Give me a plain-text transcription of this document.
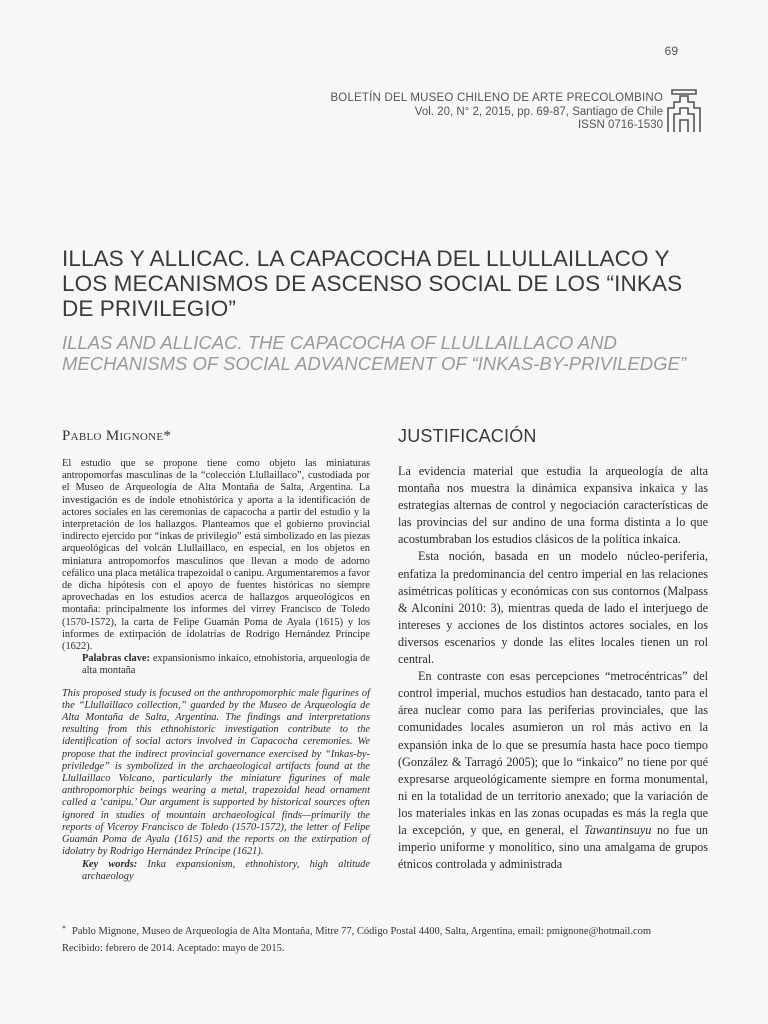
69
BOLETÍN DEL MUSEO CHILENO DE ARTE PRECOLOMBINO
Vol. 20, N° 2, 2015, pp. 69-87, Santiago de Chile
ISSN 0716-1530
ILLAS Y ALLICAC. LA CAPACOCHA DEL LLULLAILLACO Y LOS MECANISMOS DE ASCENSO SOCIAL DE LOS “INKAS DE PRIVILEGIO”
ILLAS AND ALLICAC. THE CAPACOCHA OF LLULLAILLACO AND MECHANISMS OF SOCIAL ADVANCEMENT OF “INKAS-BY-PRIVILEDGE”
Pablo Mignone*	JUSTIFICACIÓN

El estudio que se propone tiene como objeto las miniaturas antropomorfas masculinas de la “colección Llullaillaco”, custodiada por el Museo de Arqueología de Alta Montaña de Salta, Argentina. La investigación es de índole etnohistórica y aporta a la identificación de actores sociales en las ceremonias de capacocha a partir del estudio y la interpretación de los hallazgos. Planteamos que el gobierno provincial indirecto ejercido por “inkas de privilegio” está simbolizado en las piezas arqueológicas del volcán Llullaillaco, en especial, en los objetos en miniatura antropomorfos masculinos que llevan a modo de adorno cefálico una placa metálica trapezoidal o canipu. Argumentaremos a favor de dicha hipótesis con el apoyo de fuentes históricas no siempre aprovechadas en los estudios acerca de hallazgos arqueológicos en montaña: principalmente los informes del virrey Francisco de Toledo (1570-1572), la carta de Felipe Guamán Poma de Ayala (1615) y los informes de extirpación de idolatrías de Rodrigo Hernández Príncipe (1622).

Palabras clave: expansionismo inkaico, etnohistoria, arqueología de alta montaña

This proposed study is focused on the anthropomorphic male figurines of the “Llullaillaco collection,” guarded by the Museo de Arqueología de Alta Montaña de Salta, Argentina. The findings and interpretations resulting from this ethnohistoric investigation contribute to the identification of social actors involved in Capacocha ceremonies. We propose that the indirect provincial governance exercised by “Inkas-by-priviledge” is symbolized in the archaeological artifacts found at the Llullaillaco Volcano, particularly the miniature figurines of male anthropomorphic beings wearing a metal, trapezoidal head ornament called a ‘canipu.’ Our argument is supported by historical sources often ignored in studies of mountain archaeological finds—primarily the reports of Viceroy Francisco de Toledo (1570-1572), the letter of Felipe Guamán Poma de Ayala (1615) and the reports on the extirpation of idolatry by Rodrigo Hernández Príncipe (1621).

Key words: Inka expansionism, ethnohistory, high altitude archaeology

La evidencia material que estudia la arqueología de alta montaña nos muestra la dinámica expansiva inkaica y las estrategias alternas de control y negociación características de las provincias del sur andino de una forma distinta a lo que acostumbraban los estudios clásicos de la política inkaica.

Esta noción, basada en un modelo núcleo-periferia, enfatiza la predominancia del centro imperial en las relaciones asimétricas políticas y económicas con sus contornos (Malpass & Alconini 2010: 3), mientras queda de lado el interjuego de intereses y acciones de los distintos actores sociales, en los diversos escenarios y donde las elites locales tienen un rol central.

En contraste con esas percepciones “metrocéntricas” del control imperial, muchos estudios han destacado, tanto para el área nuclear como para las periferias provinciales, que las comunidades locales asumieron un rol más activo en la expansión inka de lo que se presumía hasta hace poco tiempo (González & Tarragó 2005); que lo “inkaico” no tiene por qué expresarse arqueológicamente siempre en forma monumental, ni en la totalidad de un territorio anexado; que la variación de los materiales inkas en las zonas ocupadas es más la regla que la excepción, y que, en general, el Tawantinsuyu no fue un imperio uniforme y monolítico, sino una amalgama de grupos étnicos controlada y administrada

* Pablo Mignone, Museo de Arqueología de Alta Montaña, Mitre 77, Código Postal 4400, Salta, Argentina, email: pmignone@hotmail.com
Recibido: febrero de 2014. Aceptado: mayo de 2015.
